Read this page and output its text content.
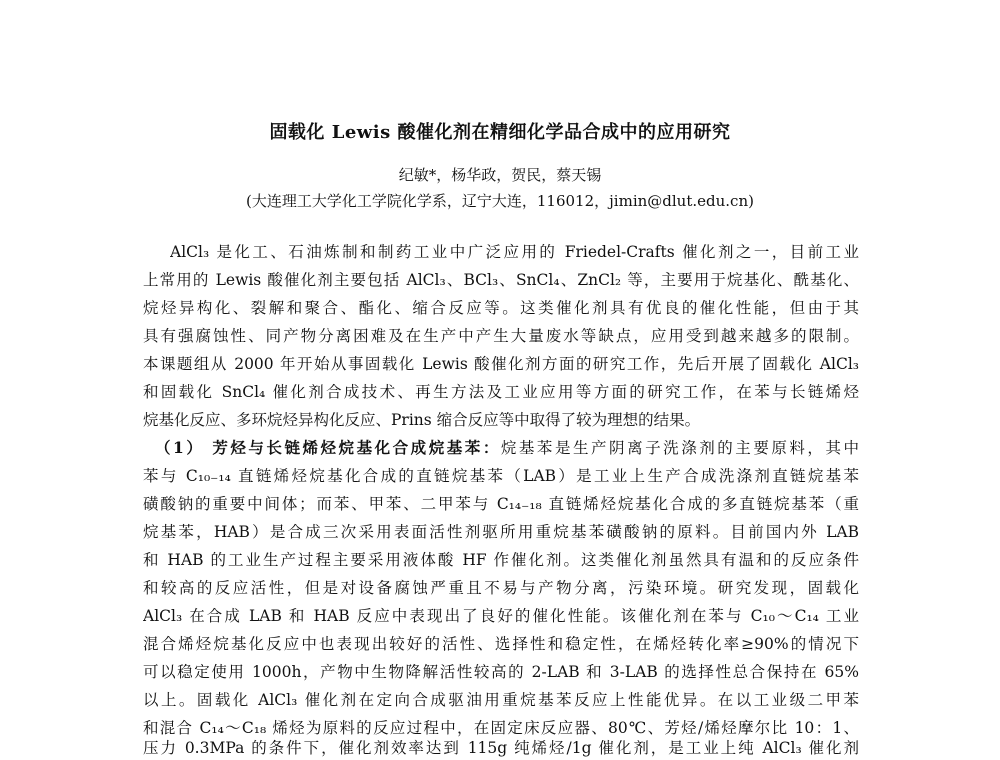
固载化 Lewis 酸催化剂在精细化学品合成中的应用研究
纪敏*，杨华政，贺民，蔡天锡
(大连理工大学化工学院化学系，辽宁大连，116012，jimin@dlut.edu.cn)
AlCl₃ 是化工、石油炼制和制药工业中广泛应用的 Friedel-Crafts 催化剂之一，目前工业
上常用的 Lewis 酸催化剂主要包括 AlCl₃、BCl₃、SnCl₄、ZnCl₂ 等，主要用于烷基化、酰基化、
烷烃异构化、裂解和聚合、酯化、缩合反应等。这类催化剂具有优良的催化性能，但由于其
具有强腐蚀性、同产物分离困难及在生产中产生大量废水等缺点，应用受到越来越多的限制。
本课题组从 2000 年开始从事固载化 Lewis 酸催化剂方面的研究工作，先后开展了固载化 AlCl₃
和固载化 SnCl₄ 催化剂合成技术、再生方法及工业应用等方面的研究工作，在苯与长链烯烃
烷基化反应、多环烷烃异构化反应、Prins 缩合反应等中取得了较为理想的结果。
（1） 芳烃与长链烯烃烷基化合成烷基苯：烷基苯是生产阴离子洗涤剂的主要原料，其中
苯与 C₁₀₋₁₄ 直链烯烃烷基化合成的直链烷基苯（LAB）是工业上生产合成洗涤剂直链烷基苯
磺酸钠的重要中间体；而苯、甲苯、二甲苯与 C₁₄₋₁₈ 直链烯烃烷基化合成的多直链烷基苯（重
烷基苯，HAB）是合成三次采用表面活性剂驱所用重烷基苯磺酸钠的原料。目前国内外 LAB
和 HAB 的工业生产过程主要采用液体酸 HF 作催化剂。这类催化剂虽然具有温和的反应条件
和较高的反应活性，但是对设备腐蚀严重且不易与产物分离，污染环境。研究发现，固载化
AlCl₃ 在合成 LAB 和 HAB 反应中表现出了良好的催化性能。该催化剂在苯与 C₁₀～C₁₄ 工业
混合烯烃烷基化反应中也表现出较好的活性、选择性和稳定性，在烯烃转化率≥90%的情况下
可以稳定使用 1000h，产物中生物降解活性较高的 2-LAB 和 3-LAB 的选择性总合保持在 65%
以上。固载化 AlCl₃ 催化剂在定向合成驱油用重烷基苯反应上性能优异。在以工业级二甲苯
和混合 C₁₄～C₁₈ 烯烃为原料的反应过程中，在固定床反应器、80℃、芳烃/烯烃摩尔比 10：1、
压力 0.3MPa 的条件下，催化剂效率达到 115g 纯烯烃/1g 催化剂，是工业上纯 AlCl₃ 催化剂
